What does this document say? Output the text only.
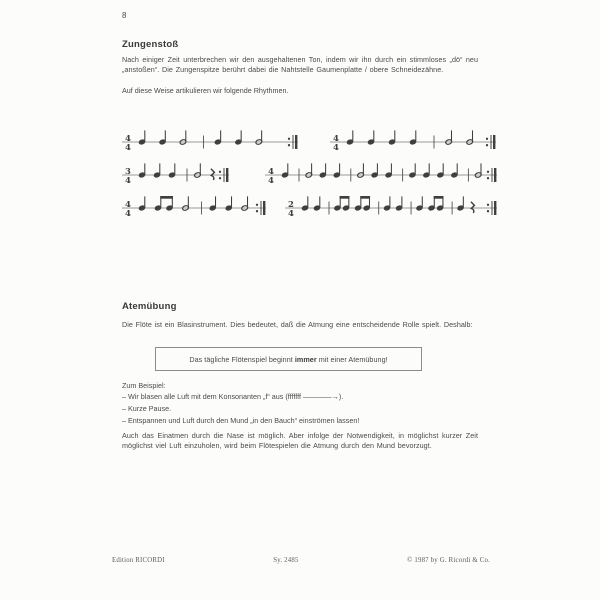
8
Zungenstoß
Nach einiger Zeit unterbrechen wir den ausgehaltenen Ton, indem wir ihn durch ein stimmloses „dö“ neu „anstoßen“. Die Zungenspitze berührt dabei die Nahtstelle Gaumenplatte / obere Schneidezähne.
Auf diese Weise artikulieren wir folgende Rhythmen.
4
4
4
4
3
4
4
4
4
4
2
4
Atemübung
Die Flöte ist ein Blasinstrument. Dies bedeutet, daß die Atmung eine entscheidende Rolle spielt. Deshalb:
Das tägliche Flötenspiel beginnt immer mit einer Atemübung!
Zum Beispiel:
– Wir blasen alle Luft mit dem Konsonanten „f“ aus (fffffff ————→).
– Kurze Pause.
– Entspannen und Luft durch den Mund „in den Bauch“ einströmen lassen!
Auch das Einatmen durch die Nase ist möglich. Aber infolge der Notwendigkeit, in möglichst kurzer Zeit möglichst viel Luft einzuholen, wird beim Flötespielen die Atmung durch den Mund bevorzugt.
Edition RICORDI	Sy. 2485	© 1987 by G. Ricordi & Co.
